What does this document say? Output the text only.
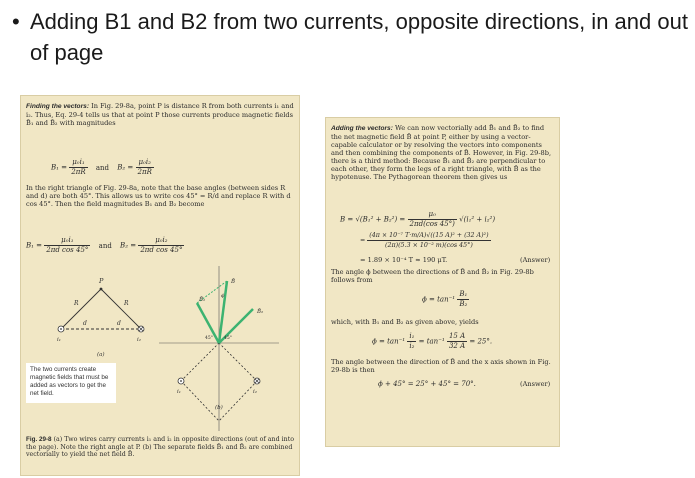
• Adding B1 and B2 from two currents, opposite directions, in and out of page
Finding the vectors: In Fig. 29-8a, point P is distance R from both currents i₁ and i₂. Thus, Eq. 29-4 tells us that at point P those currents produce magnetic fields B̄₁ and B̄₂ with magnitudes
$B_1 = \frac{\text{μ₀i₁}}{2\pi R}$ and $B_2 = \frac{\text{μ₀i₂}}{2\pi R}$
In the right triangle of Fig. 29-8a, note that the base angles (between sides R and d) are both 45°. This allows us to write cos 45° = R/d and replace R with d cos 45°. Then the field magnitudes B₁ and B₂ become
$B_1 = \frac{\text{μ₀i₁}}{\text{2πd cos 45°}}$ and $B_2 = \frac{\text{μ₀i₂}}{\text{2πd cos 45°}}$
P
R	R
d	d
i₁	i₂
(a)
B̄₁
B̄₂
B̄
ϕ
45° 45°
i₁	i₂
(b)
The two currents create magnetic fields that must be added as vectors to get the net field.
Fig. 29-8 (a) Two wires carry currents i₁ and i₂ in opposite directions (out of and into the page). Note the right angle at P. (b) The separate fields B̄₁ and B̄₂ are combined vectorially to yield the net field B̄.
Adding the vectors: We can now vectorially add B̄₁ and B̄₂ to find the net magnetic field B̄ at point P, either by using a vector-capable calculator or by resolving the vectors into components and then combining the components of B̄. However, in Fig. 29-8b, there is a third method: Because B̄₁ and B̄₂ are perpendicular to each other, they form the legs of a right triangle, with B̄ as the hypotenuse. The Pythagorean theorem then gives us
$B = √(B_1^2 + B_2^2) = \frac{\text{μ₀}}{2\pi d(\cos 45^\circ)} √(i_1^2 + i_2^2)$
= $\frac{\text{(4π × 10⁻⁷ T·m/A)√((15 A)² + (32 A)²)}}{\text{(2π)(5.3 × 10⁻² m)(cos 45°)}}$
= 1.89 × 10⁻⁴ T ≈ 190 μT.	(Answer)
The angle ϕ between the directions of B̄ and B̄₂ in Fig. 29-8b follows from
$\phi = \tan^{-1} \frac{\text{B₁}}{\text{B₂}}$
which, with B₁ and B₂ as given above, yields
$\phi = \tan^{-1} \frac{\text{i₁}}{\text{i₂}} = \tan^{-1} \frac{15 A}{32 A} = 25^\circ$.
The angle between the direction of B̄ and the x axis shown in Fig. 29-8b is then
ϕ + 45° = 25° + 45° = 70°.	(Answer)
